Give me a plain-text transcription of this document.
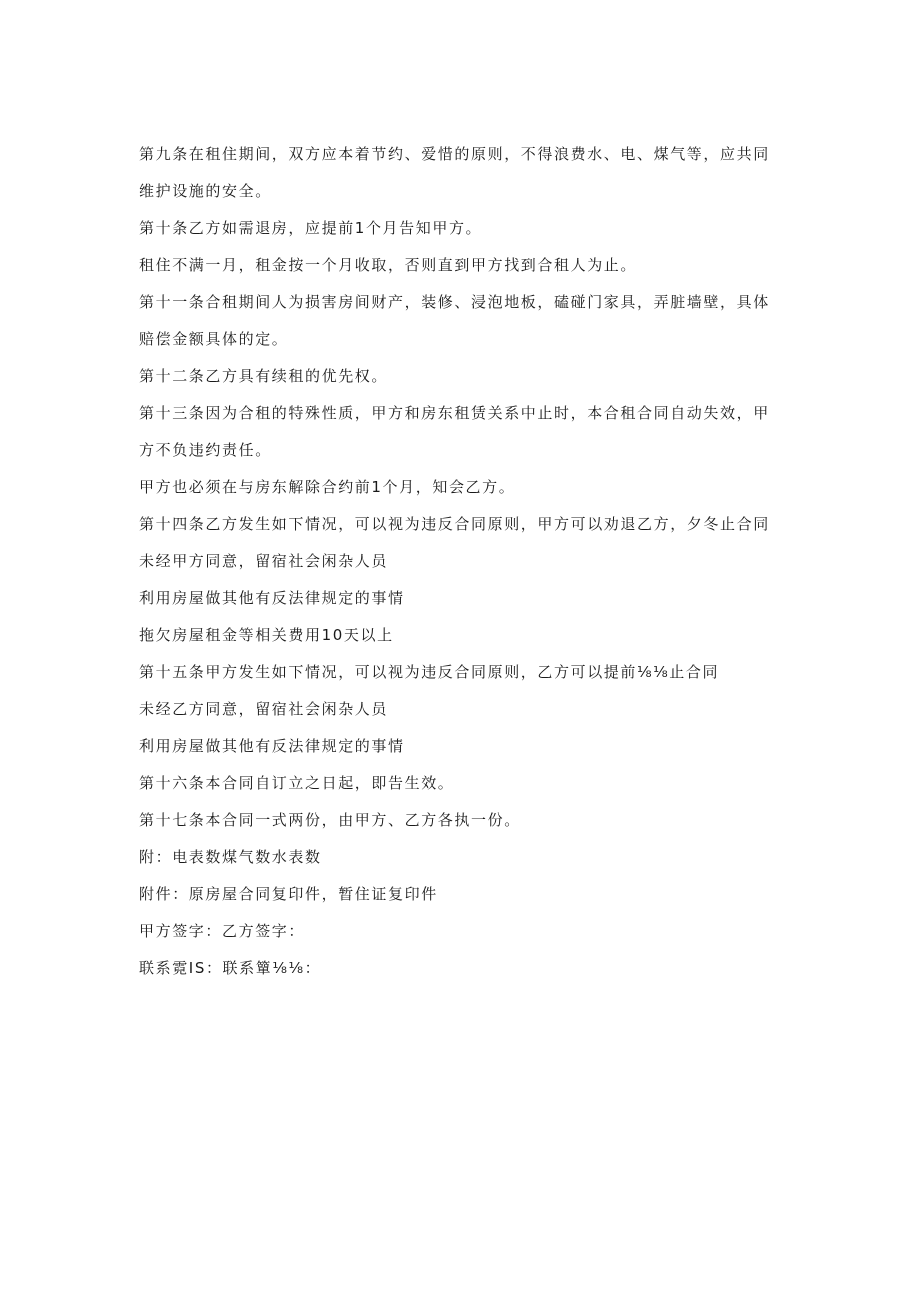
第九条在租住期间，双方应本着节约、爱惜的原则，不得浪费水、电、煤气等，应共同维护设施的安全。

第十条乙方如需退房，应提前1个月告知甲方。

租住不满一月，租金按一个月收取，否则直到甲方找到合租人为止。

第十一条合租期间人为损害房间财产，装修、浸泡地板，磕碰门家具，弄脏墙壁，具体赔偿金额具体的定。

第十二条乙方具有续租的优先权。

第十三条因为合租的特殊性质，甲方和房东租赁关系中止时，本合租合同自动失效，甲方不负违约责任。

甲方也必须在与房东解除合约前1个月，知会乙方。

第十四条乙方发生如下情况，可以视为违反合同原则，甲方可以劝退乙方，夕冬止合同

未经甲方同意，留宿社会闲杂人员

利用房屋做其他有反法律规定的事情

拖欠房屋租金等相关费用10天以上

第十五条甲方发生如下情况，可以视为违反合同原则，乙方可以提前⅛⅛止合同

未经乙方同意，留宿社会闲杂人员

利用房屋做其他有反法律规定的事情

第十六条本合同自订立之日起，即告生效。

第十七条本合同一式两份，由甲方、乙方各执一份。

附：电表数煤气数水表数

附件：原房屋合同复印件，暂住证复印件

甲方签字：乙方签字：

联系霓IS：联系簞⅛⅛：
